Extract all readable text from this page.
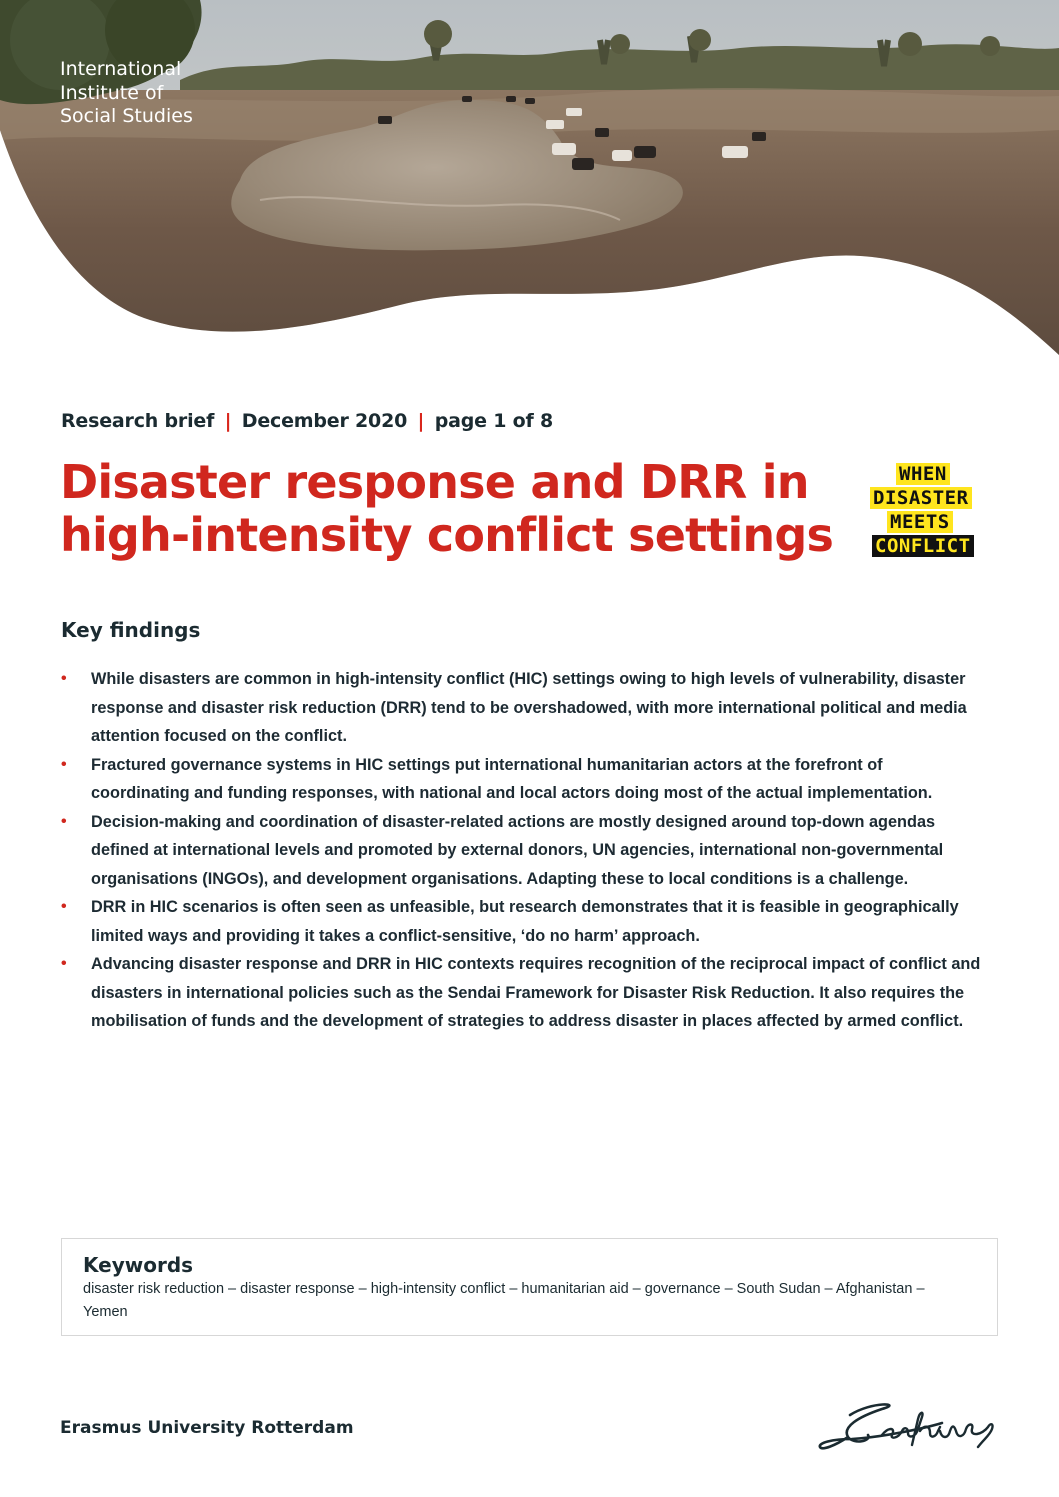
International
Institute of
Social Studies
Research brief | December 2020 | page 1 of 8
Disaster response and DRR in
high-intensity conflict settings
WHEN
DISASTER
MEETS
CONFLICT
Key findings
• While disasters are common in high-intensity conflict (HIC) settings owing to high levels of vulnerability, disaster response and disaster risk reduction (DRR) tend to be overshadowed, with more international political and media attention focused on the conflict.
• Fractured governance systems in HIC settings put international humanitarian actors at the forefront of coordinating and funding responses, with national and local actors doing most of the actual implementation.
• Decision-making and coordination of disaster-related actions are mostly designed around top-down agendas defined at international levels and promoted by external donors, UN agencies, international non-governmental organisations (INGOs), and development organisations. Adapting these to local conditions is a challenge.
• DRR in HIC scenarios is often seen as unfeasible, but research demonstrates that it is feasible in geographically limited ways and providing it takes a conflict-sensitive, ‘do no harm’ approach.
• Advancing disaster response and DRR in HIC contexts requires recognition of the reciprocal impact of conflict and disasters in international policies such as the Sendai Framework for Disaster Risk Reduction. It also requires the mobilisation of funds and the development of strategies to address disaster in places affected by armed conflict.
Keywords
disaster risk reduction – disaster response – high-intensity conflict – humanitarian aid – governance – South Sudan – Afghanistan – Yemen
Erasmus University Rotterdam
